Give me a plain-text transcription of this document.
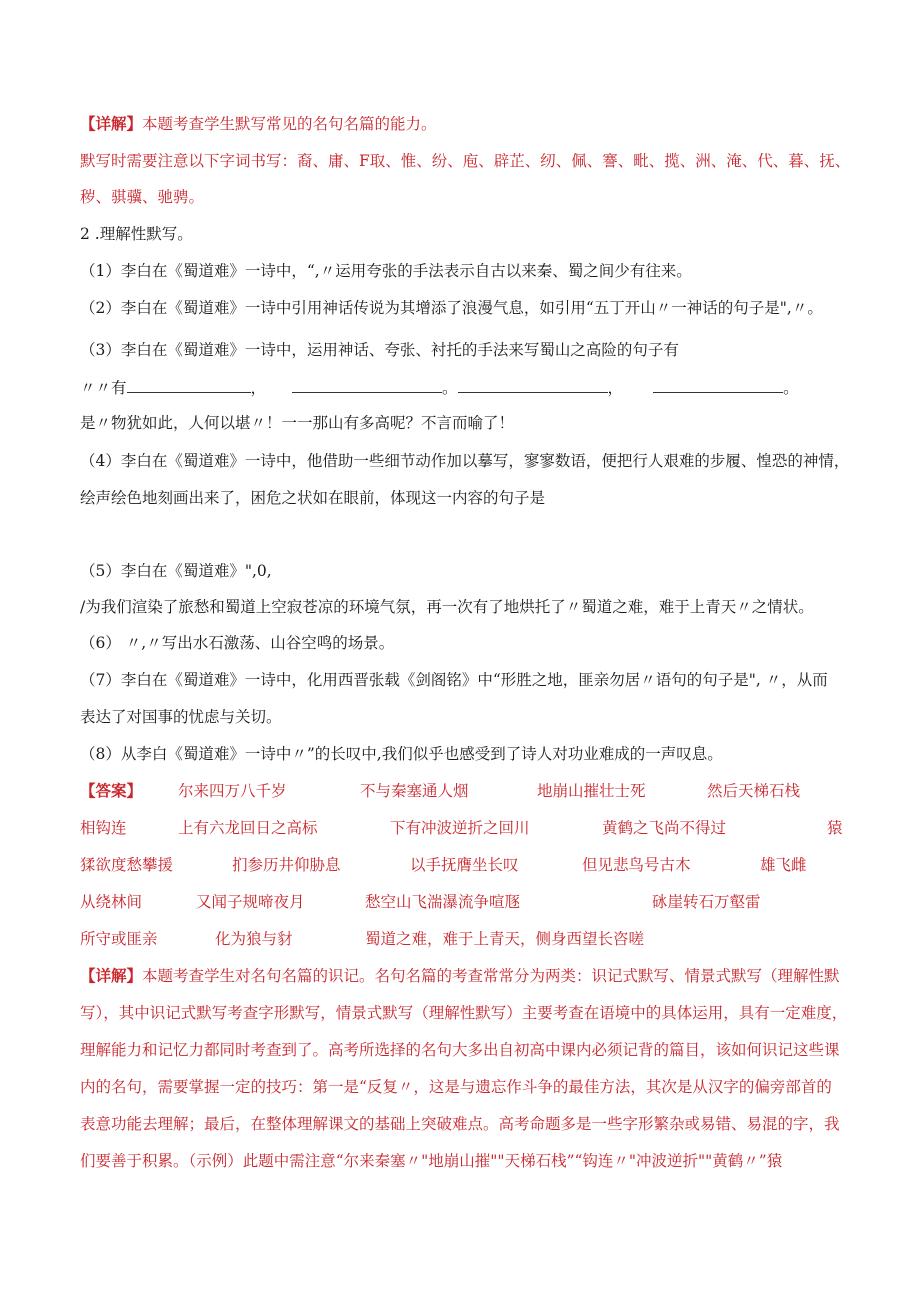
【详解】本题考查学生默写常见的名句名篇的能力。
默写时需要注意以下字词书写：裔、庸、F取、惟、纷、庖、辟芷、纫、佩、謇、毗、揽、洲、淹、代、暮、抚、
秽、骐骥、驰骋。
2 .理解性默写。
（1）李白在《蜀道难》一诗中，“,〃运用夸张的手法表示自古以来秦、蜀之间少有往来。
（2）李白在《蜀道难》一诗中引用神话传说为其增添了浪漫气息，如引用“五丁开山〃一神话的句子是",〃。
（3）李白在《蜀道难》一诗中，运用神话、夸张、衬托的手法来写蜀山之高险的句子有
〃〃有	，	。	，	。
是〃物犹如此，人何以堪〃！一一那山有多高呢？不言而喻了！
（4）李白在《蜀道难》一诗中，他借助一些细节动作加以摹写，寥寥数语，便把行人艰难的步履、惶恐的神情，
绘声绘色地刻画出来了，困危之状如在眼前，体现这一内容的句子是
（5）李白在《蜀道难》",0,
/为我们渲染了旅愁和蜀道上空寂苍凉的环境气氛，再一次有了地烘托了〃蜀道之难，难于上青天〃之情状。
（6） 〃,〃写出水石激荡、山谷空鸣的场景。
（7）李白在《蜀道难》一诗中，化用西晋张载《剑阁铭》中“形胜之地，匪亲勿居〃语句的句子是", 〃，从而
表达了对国事的忧虑与关切。
（8）从李白《蜀道难》一诗中〃”的长叹中,我们似乎也感受到了诗人对功业难成的一声叹息。
【答案】 尔来四万八千岁	不与秦塞通人烟	地崩山摧壮士死	然后天梯石栈
相钩连	上有六龙回日之高标	下有冲波逆折之回川	黄鹤之飞尚不得过	猿
猱欲度愁攀援	扪参历井仰胁息	以手抚膺坐长叹	但见悲鸟号古木	雄飞雌
从绕林间	又闻子规啼夜月	愁空山飞湍瀑流争喧豗	砯崖转石万壑雷
所守或匪亲	化为狼与豺	蜀道之难，难于上青天，侧身西望长咨嗟
【详解】本题考查学生对名句名篇的识记。名句名篇的考查常常分为两类：识记式默写、情景式默写（理解性默
写），其中识记式默写考查字形默写，情景式默写（理解性默写）主要考查在语境中的具体运用，具有一定难度，
理解能力和记忆力都同时考查到了。高考所选择的名句大多出自初高中课内必须记背的篇目，该如何识记这些课
内的名句，需要掌握一定的技巧：第一是“反复〃，这是与遗忘作斗争的最佳方法，其次是从汉字的偏旁部首的
表意功能去理解；最后，在整体理解课文的基础上突破难点。高考命题多是一些字形繁杂或易错、易混的字，我
们要善于积累。（示例）此题中需注意“尔来秦塞〃"地崩山摧""天梯石栈”“钩连〃"冲波逆折""黄鹤〃”猿
